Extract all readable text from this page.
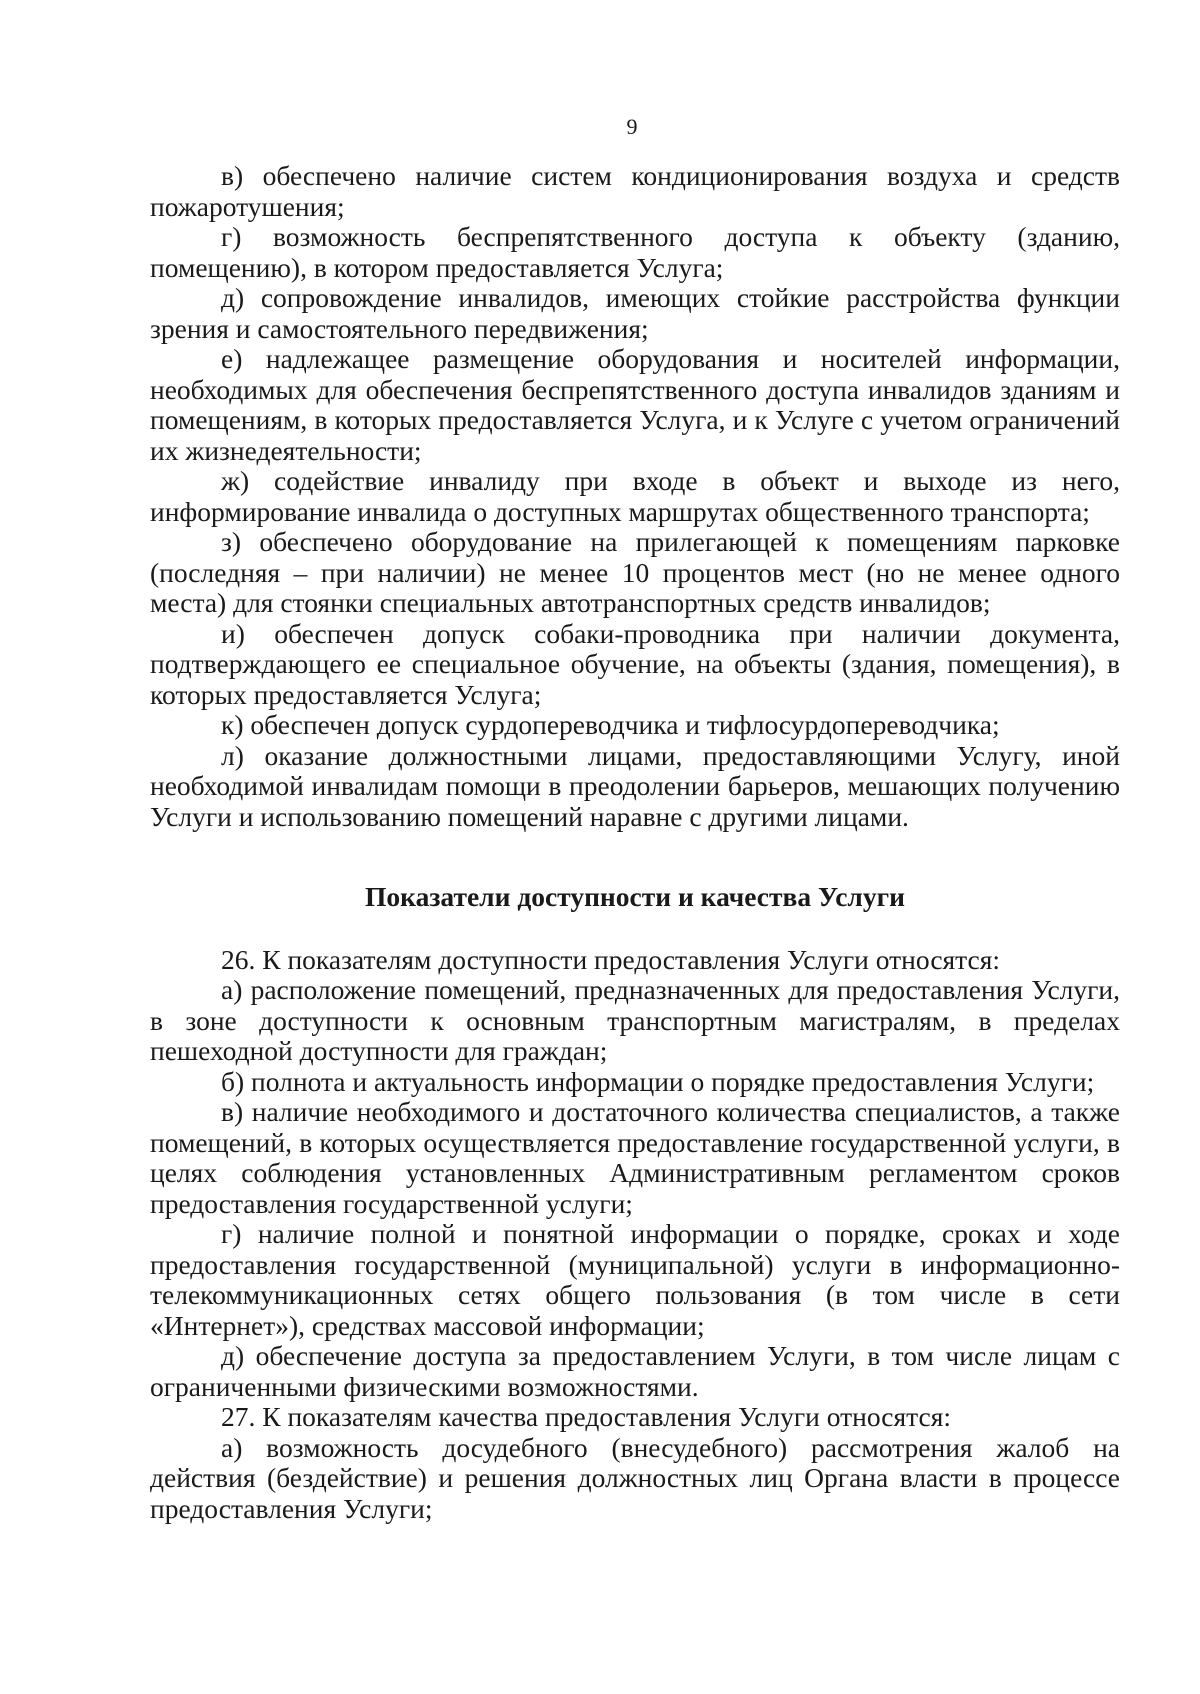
9

в) обеспечено наличие систем кондиционирования воздуха и средств пожаротушения;

г) возможность беспрепятственного доступа к объекту (зданию, помещению), в котором предоставляется Услуга;

д) сопровождение инвалидов, имеющих стойкие расстройства функции зрения и самостоятельного передвижения;

е) надлежащее размещение оборудования и носителей информации, необходимых для обеспечения беспрепятственного доступа инвалидов зданиям и помещениям, в которых предоставляется Услуга, и к Услуге с учетом ограничений их жизнедеятельности;

ж) содействие инвалиду при входе в объект и выходе из него, информирование инвалида о доступных маршрутах общественного транспорта;

з) обеспечено оборудование на прилегающей к помещениям парковке (последняя – при наличии) не менее 10 процентов мест (но не менее одного места) для стоянки специальных автотранспортных средств инвалидов;

и) обеспечен допуск собаки-проводника при наличии документа, подтверждающего ее специальное обучение, на объекты (здания, помещения), в которых предоставляется Услуга;

к) обеспечен допуск сурдопереводчика и тифлосурдопереводчика;

л) оказание должностными лицами, предоставляющими Услугу, иной необходимой инвалидам помощи в преодолении барьеров, мешающих получению Услуги и использованию помещений наравне с другими лицами.

Показатели доступности и качества Услуги

26. К показателям доступности предоставления Услуги относятся:

а) расположение помещений, предназначенных для предоставления Услуги, в зоне доступности к основным транспортным магистралям, в пределах пешеходной доступности для граждан;

б) полнота и актуальность информации о порядке предоставления Услуги;

в) наличие необходимого и достаточного количества специалистов, а также помещений, в которых осуществляется предоставление государственной услуги, в целях соблюдения установленных Административным регламентом сроков предоставления государственной услуги;

г) наличие полной и понятной информации о порядке, сроках и ходе предоставления государственной (муниципальной) услуги в информационно-телекоммуникационных сетях общего пользования (в том числе в сети «Интернет»), средствах массовой информации;

д) обеспечение доступа за предоставлением Услуги, в том числе лицам с ограниченными физическими возможностями.

27. К показателям качества предоставления Услуги относятся:

а) возможность досудебного (внесудебного) рассмотрения жалоб на действия (бездействие) и решения должностных лиц Органа власти в процессе предоставления Услуги;
